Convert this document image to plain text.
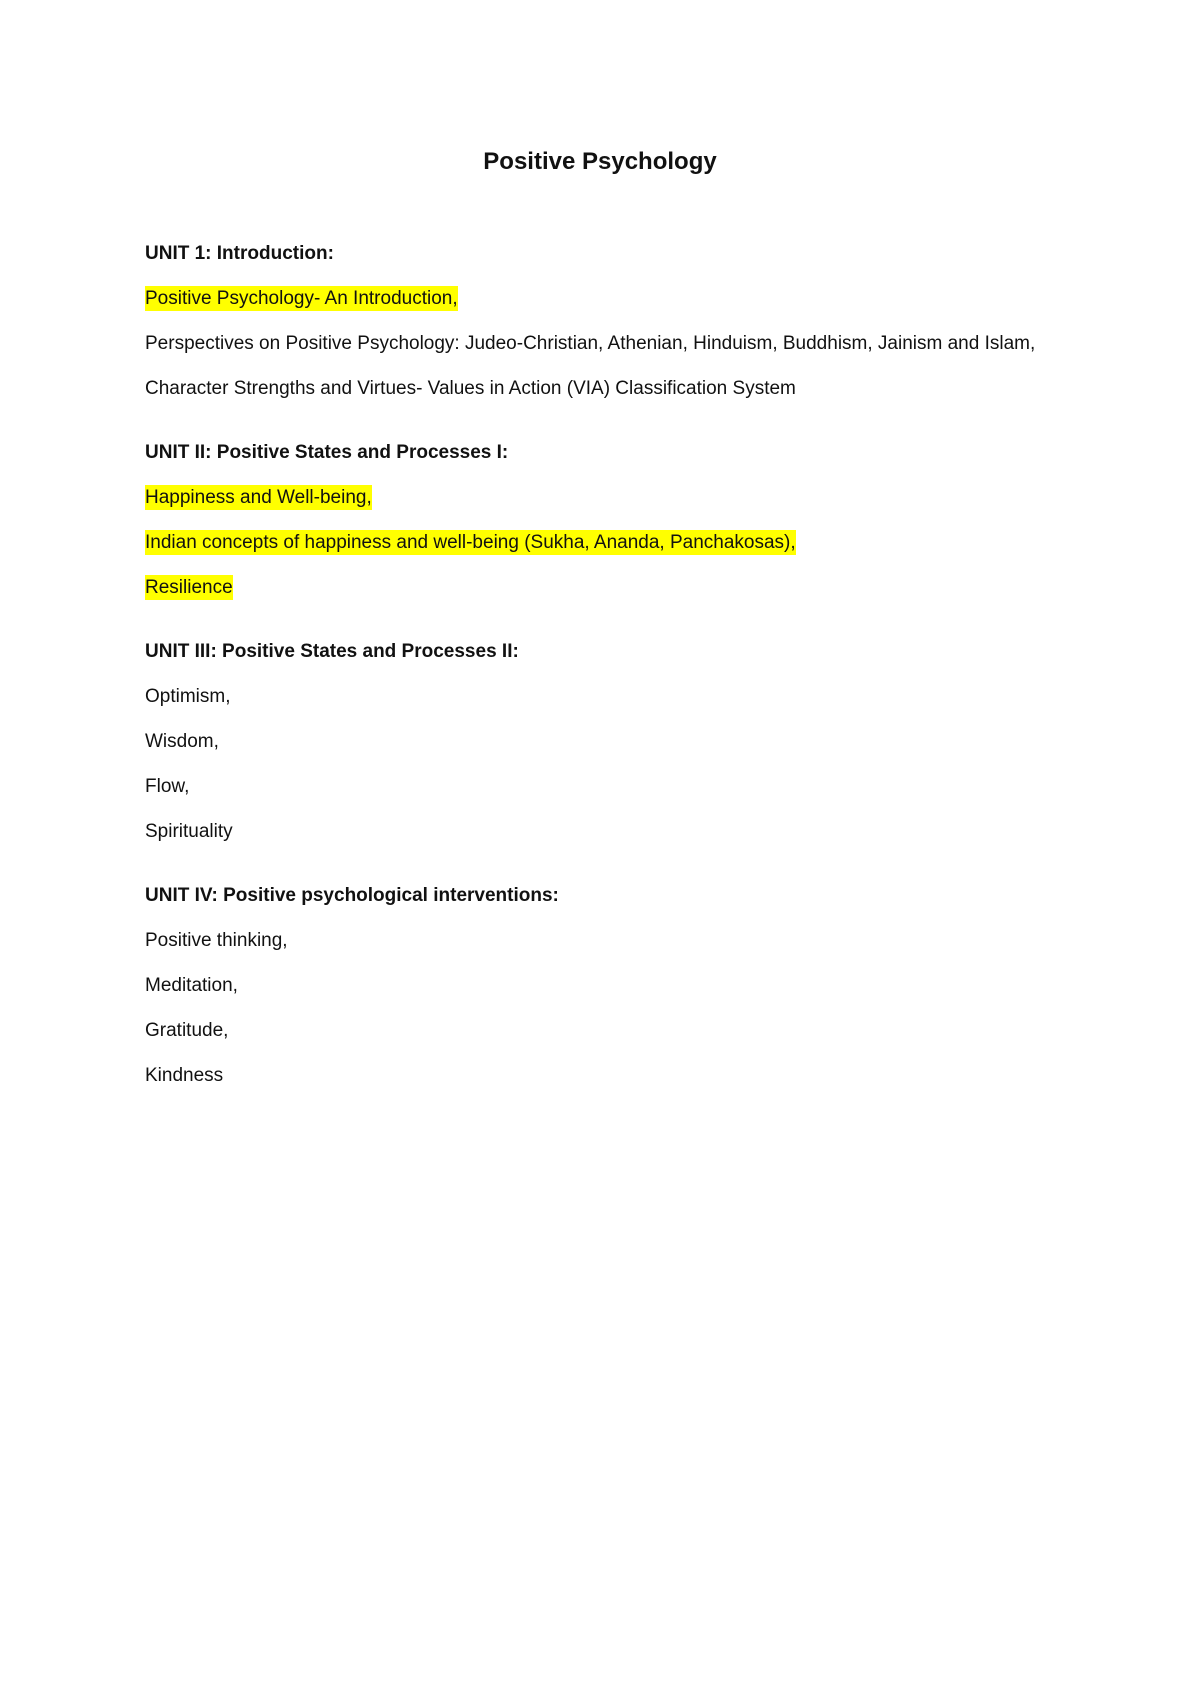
Positive Psychology

UNIT 1: Introduction:

Positive Psychology- An Introduction,

Perspectives on Positive Psychology: Judeo-Christian, Athenian, Hinduism, Buddhism, Jainism and Islam,

Character Strengths and Virtues- Values in Action (VIA) Classification System

UNIT II: Positive States and Processes I:

Happiness and Well-being,

Indian concepts of happiness and well-being (Sukha, Ananda, Panchakosas),

Resilience

UNIT III: Positive States and Processes II:

Optimism,

Wisdom,

Flow,

Spirituality

UNIT IV: Positive psychological interventions:

Positive thinking,

Meditation,

Gratitude,

Kindness
